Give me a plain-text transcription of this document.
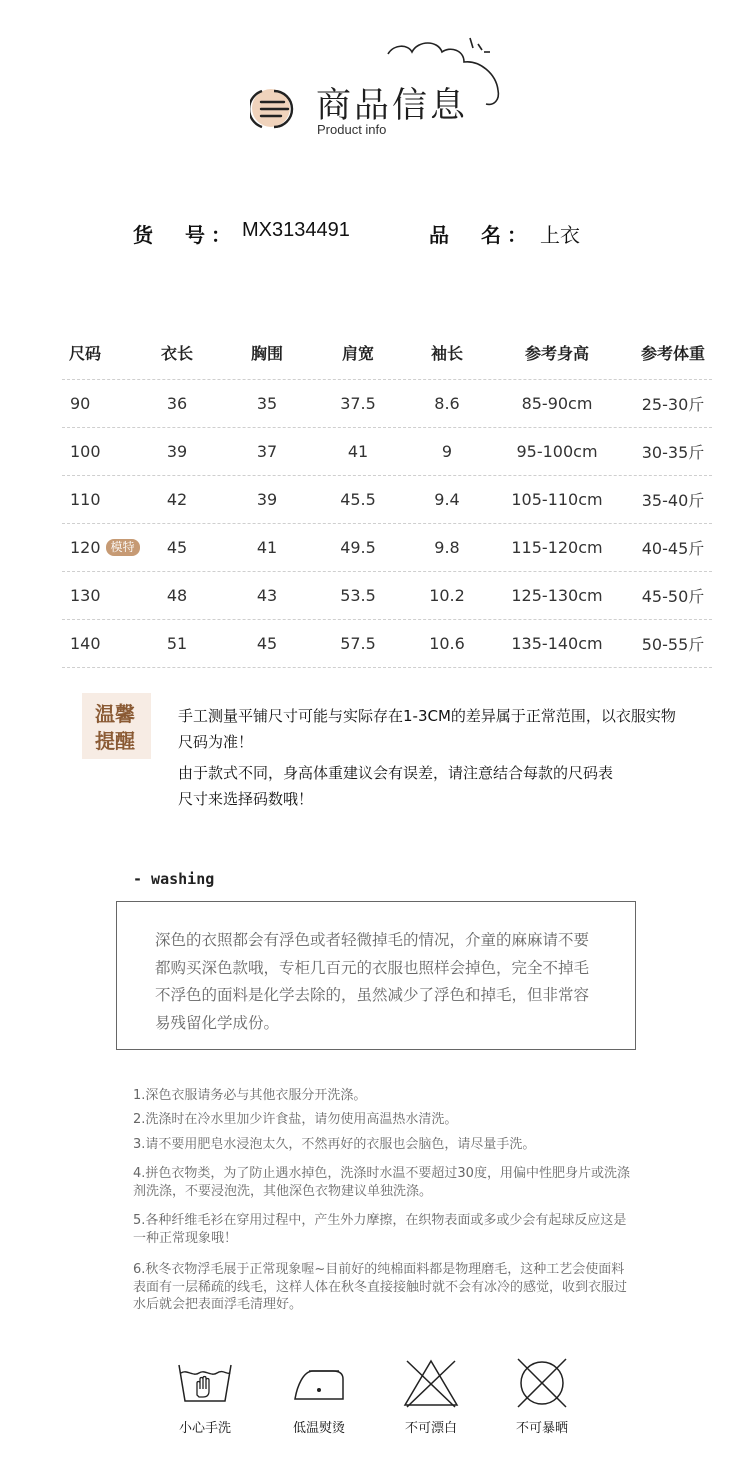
商品信息
Product info
货　号： MX3134491	品　名： 上衣
尺码	衣长	胸围	肩宽	袖长	参考身高	参考体重
90	36	35	37.5	8.6	85-90cm	25-30斤
100	39	37	41	9	95-100cm	30-35斤
110	42	39	45.5	9.4	105-110cm	35-40斤
120 模特	45	41	49.5	9.8	115-120cm	40-45斤
130	48	43	53.5	10.2	125-130cm	45-50斤
140	51	45	57.5	10.6	135-140cm	50-55斤
温馨
提醒
手工测量平铺尺寸可能与实际存在1-3CM的差异属于正常范围，以衣服实物尺码为准！
由于款式不同，身高体重建议会有误差，请注意结合每款的尺码表尺寸来选择码数哦！
- washing

深色的衣照都会有浮色或者轻微掉毛的情况，介童的麻麻请不要都购买深色款哦，专柜几百元的衣服也照样会掉色，完全不掉毛不浮色的面料是化学去除的，虽然减少了浮色和掉毛，但非常容易残留化学成份。

1.深色衣服请务必与其他衣服分开洗涤。
2.洗涤时在冷水里加少许食盐，请勿使用高温热水清洗。
3.请不要用肥皂水浸泡太久，不然再好的衣服也会脑色，请尽量手洗。
4.拼色衣物类，为了防止遇水掉色，洗涤时水温不要超过30度，用偏中性肥身片或洗涤剂洗涤，不要浸泡洗，其他深色衣物建议单独洗涤。
5.各种纤维毛衫在穿用过程中，产生外力摩擦，在织物表面或多或少会有起球反应这是一种正常现象哦！
6.秋冬衣物浮毛展于正常现象喔~目前好的纯棉面料都是物理磨毛，这种工艺会使面料表面有一层稀疏的线毛，这样人体在秋冬直接接触时就不会有冰冷的感觉，收到衣服过水后就会把表面浮毛清理好。
小心手洗	低温熨烫	不可漂白	不可暴晒
